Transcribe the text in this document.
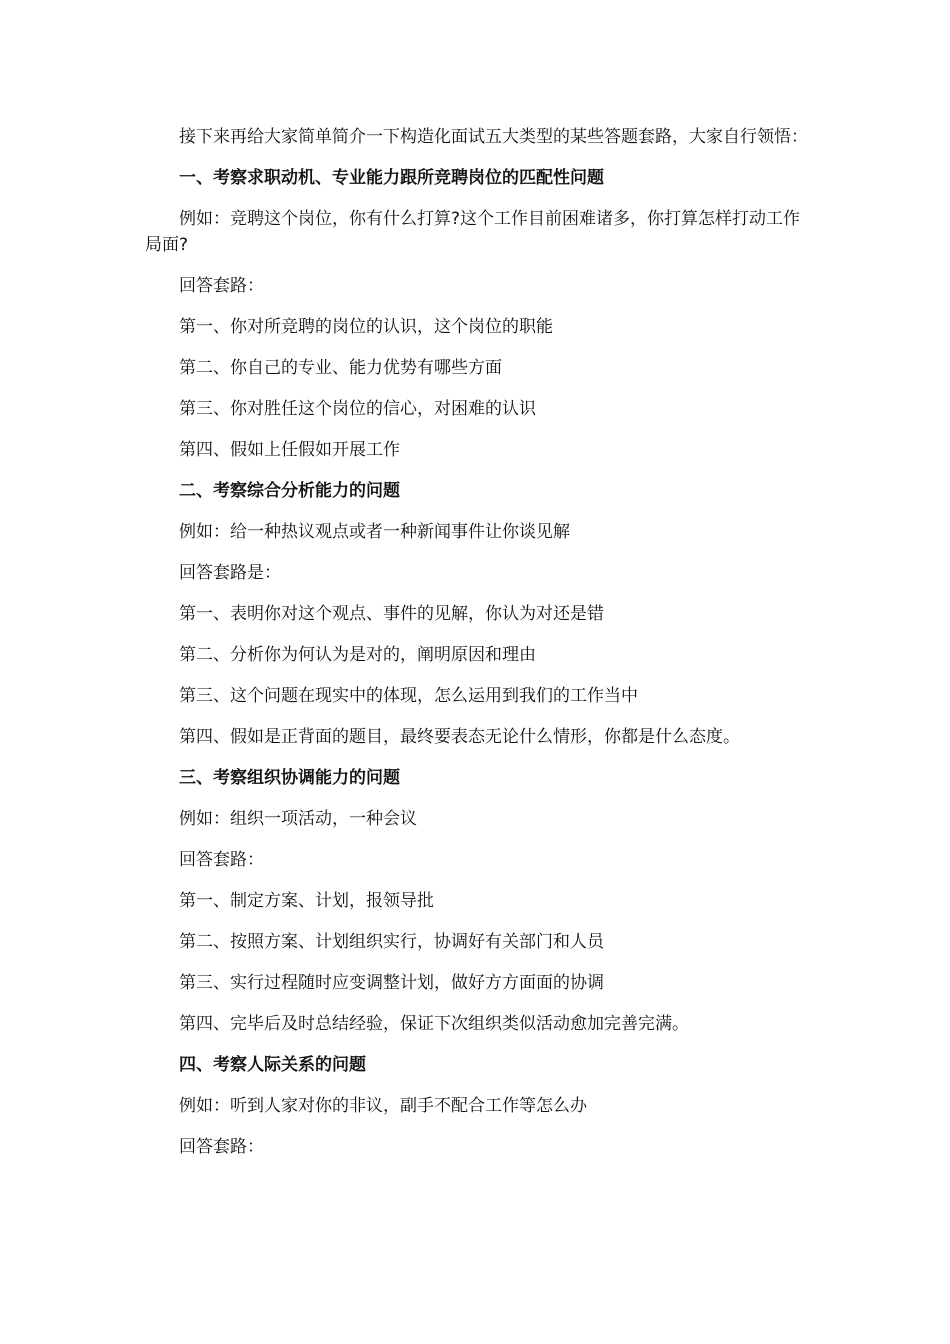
接下来再给大家简单简介一下构造化面试五大类型的某些答题套路，大家自行领悟：

一、考察求职动机、专业能力跟所竞聘岗位的匹配性问题

例如：竞聘这个岗位，你有什么打算?这个工作目前困难诸多，你打算怎样打动工作局面?

回答套路：

第一、你对所竞聘的岗位的认识，这个岗位的职能

第二、你自己的专业、能力优势有哪些方面

第三、你对胜任这个岗位的信心，对困难的认识

第四、假如上任假如开展工作

二、考察综合分析能力的问题

例如：给一种热议观点或者一种新闻事件让你谈见解

回答套路是：

第一、表明你对这个观点、事件的见解，你认为对还是错

第二、分析你为何认为是对的，阐明原因和理由

第三、这个问题在现实中的体现，怎么运用到我们的工作当中

第四、假如是正背面的题目，最终要表态无论什么情形，你都是什么态度。

三、考察组织协调能力的问题

例如：组织一项活动，一种会议

回答套路：

第一、制定方案、计划，报领导批

第二、按照方案、计划组织实行，协调好有关部门和人员

第三、实行过程随时应变调整计划，做好方方面面的协调

第四、完毕后及时总结经验，保证下次组织类似活动愈加完善完满。

四、考察人际关系的问题

例如：听到人家对你的非议，副手不配合工作等怎么办

回答套路：
